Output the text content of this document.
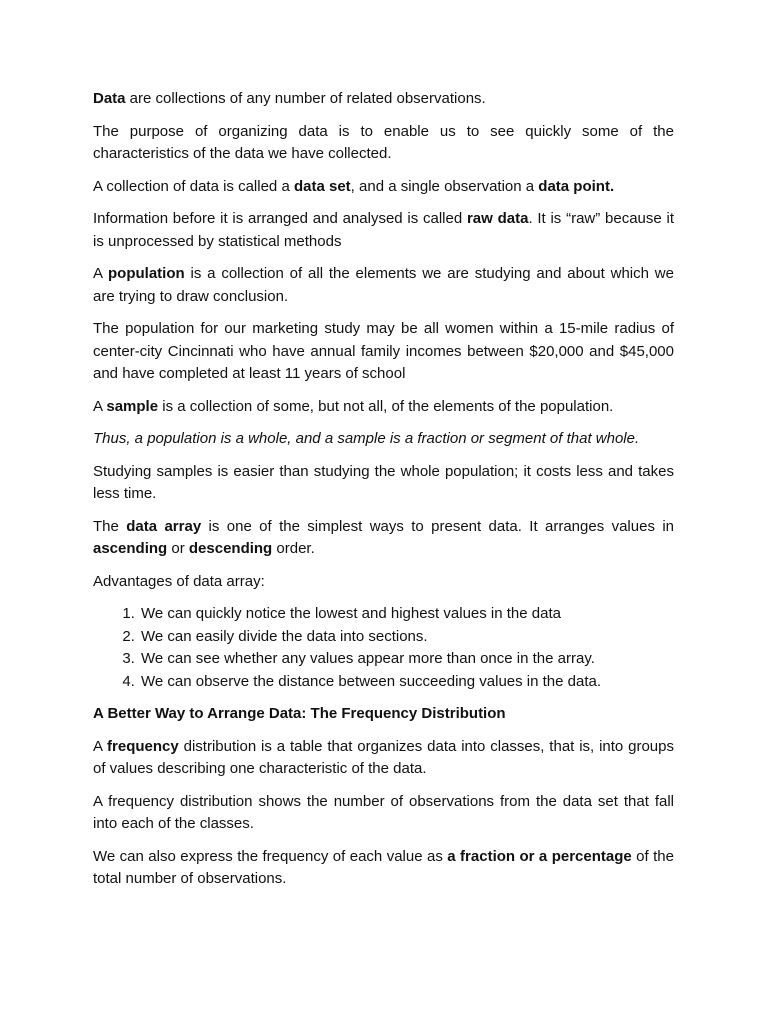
Data are collections of any number of related observations.

The purpose of organizing data is to enable us to see quickly some of the characteristics of the data we have collected.

A collection of data is called a data set, and a single observation a data point.

Information before it is arranged and analysed is called raw data. It is “raw” because it is unprocessed by statistical methods

A population is a collection of all the elements we are studying and about which we are trying to draw conclusion.

The population for our marketing study may be all women within a 15-mile radius of center-city Cincinnati who have annual family incomes between $20,000 and $45,000 and have completed at least 11 years of school

A sample is a collection of some, but not all, of the elements of the population.

Thus, a population is a whole, and a sample is a fraction or segment of that whole.

Studying samples is easier than studying the whole population; it costs less and takes less time.

The data array is one of the simplest ways to present data. It arranges values in ascending or descending order.

Advantages of data array:

1. We can quickly notice the lowest and highest values in the data
2. We can easily divide the data into sections.
3. We can see whether any values appear more than once in the array.
4. We can observe the distance between succeeding values in the data.
A Better Way to Arrange Data: The Frequency Distribution

A frequency distribution is a table that organizes data into classes, that is, into groups of values describing one characteristic of the data.

A frequency distribution shows the number of observations from the data set that fall into each of the classes.

We can also express the frequency of each value as a fraction or a percentage of the total number of observations.
